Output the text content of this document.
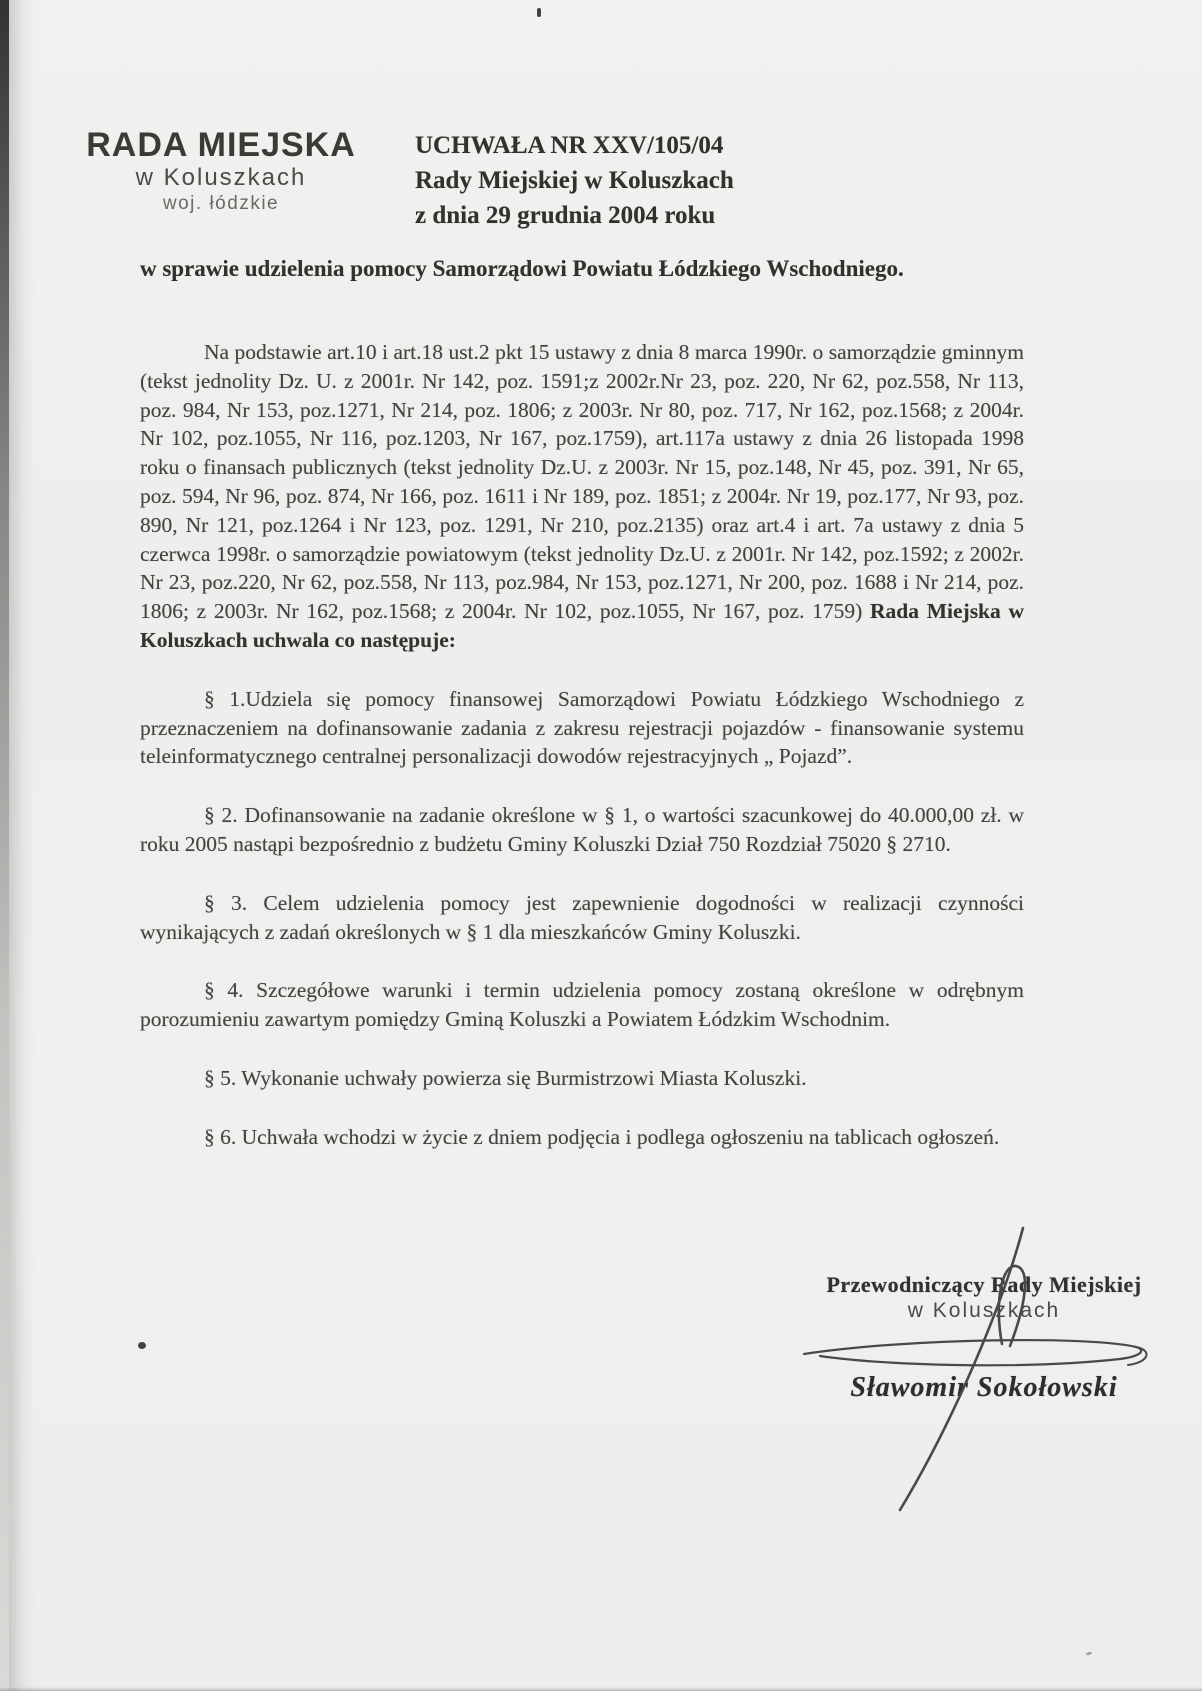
RADA MIEJSKA
w Koluszkach
woj. łódzkie
UCHWAŁA NR XXV/105/04
Rady Miejskiej w Koluszkach
z dnia 29 grudnia 2004 roku
w sprawie udzielenia pomocy Samorządowi Powiatu Łódzkiego Wschodniego.

Na podstawie art.10 i art.18 ust.2 pkt 15 ustawy z dnia 8 marca 1990r. o samorządzie gminnym (tekst jednolity Dz. U. z 2001r. Nr 142, poz. 1591;z 2002r.Nr 23, poz. 220, Nr 62, poz.558, Nr 113, poz. 984, Nr 153, poz.1271, Nr 214, poz. 1806; z 2003r. Nr 80, poz. 717, Nr 162, poz.1568; z 2004r. Nr 102, poz.1055, Nr 116, poz.1203, Nr 167, poz.1759), art.117a ustawy z dnia 26 listopada 1998 roku o finansach publicznych (tekst jednolity Dz.U. z 2003r. Nr 15, poz.148, Nr 45, poz. 391, Nr 65, poz. 594, Nr 96, poz. 874, Nr 166, poz. 1611 i Nr 189, poz. 1851; z 2004r. Nr 19, poz.177, Nr 93, poz. 890, Nr 121, poz.1264 i Nr 123, poz. 1291, Nr 210, poz.2135) oraz art.4 i art. 7a ustawy z dnia 5 czerwca 1998r. o samorządzie powiatowym (tekst jednolity Dz.U. z 2001r. Nr 142, poz.1592; z 2002r. Nr 23, poz.220, Nr 62, poz.558, Nr 113, poz.984, Nr 153, poz.1271, Nr 200, poz. 1688 i Nr 214, poz. 1806; z 2003r. Nr 162, poz.1568; z 2004r. Nr 102, poz.1055, Nr 167, poz. 1759) Rada Miejska w Koluszkach uchwala co następuje:

§ 1.Udziela się pomocy finansowej Samorządowi Powiatu Łódzkiego Wschodniego z przeznaczeniem na dofinansowanie zadania z zakresu rejestracji pojazdów - finansowanie systemu teleinformatycznego centralnej personalizacji dowodów rejestracyjnych „ Pojazd”.

§ 2. Dofinansowanie na zadanie określone w § 1, o wartości szacunkowej do 40.000,00 zł. w roku 2005 nastąpi bezpośrednio z budżetu Gminy Koluszki Dział 750 Rozdział 75020 § 2710.

§ 3. Celem udzielenia pomocy jest zapewnienie dogodności w realizacji czynności wynikających z zadań określonych w § 1 dla mieszkańców Gminy Koluszki.

§ 4. Szczegółowe warunki i termin udzielenia pomocy zostaną określone w odrębnym porozumieniu zawartym pomiędzy Gminą Koluszki a Powiatem Łódzkim Wschodnim.

§ 5. Wykonanie uchwały powierza się Burmistrzowi Miasta Koluszki.

§ 6. Uchwała wchodzi w życie z dniem podjęcia i podlega ogłoszeniu na tablicach ogłoszeń.

Przewodniczący Rady Miejskiej
w Koluszkach
Sławomir Sokołowski
